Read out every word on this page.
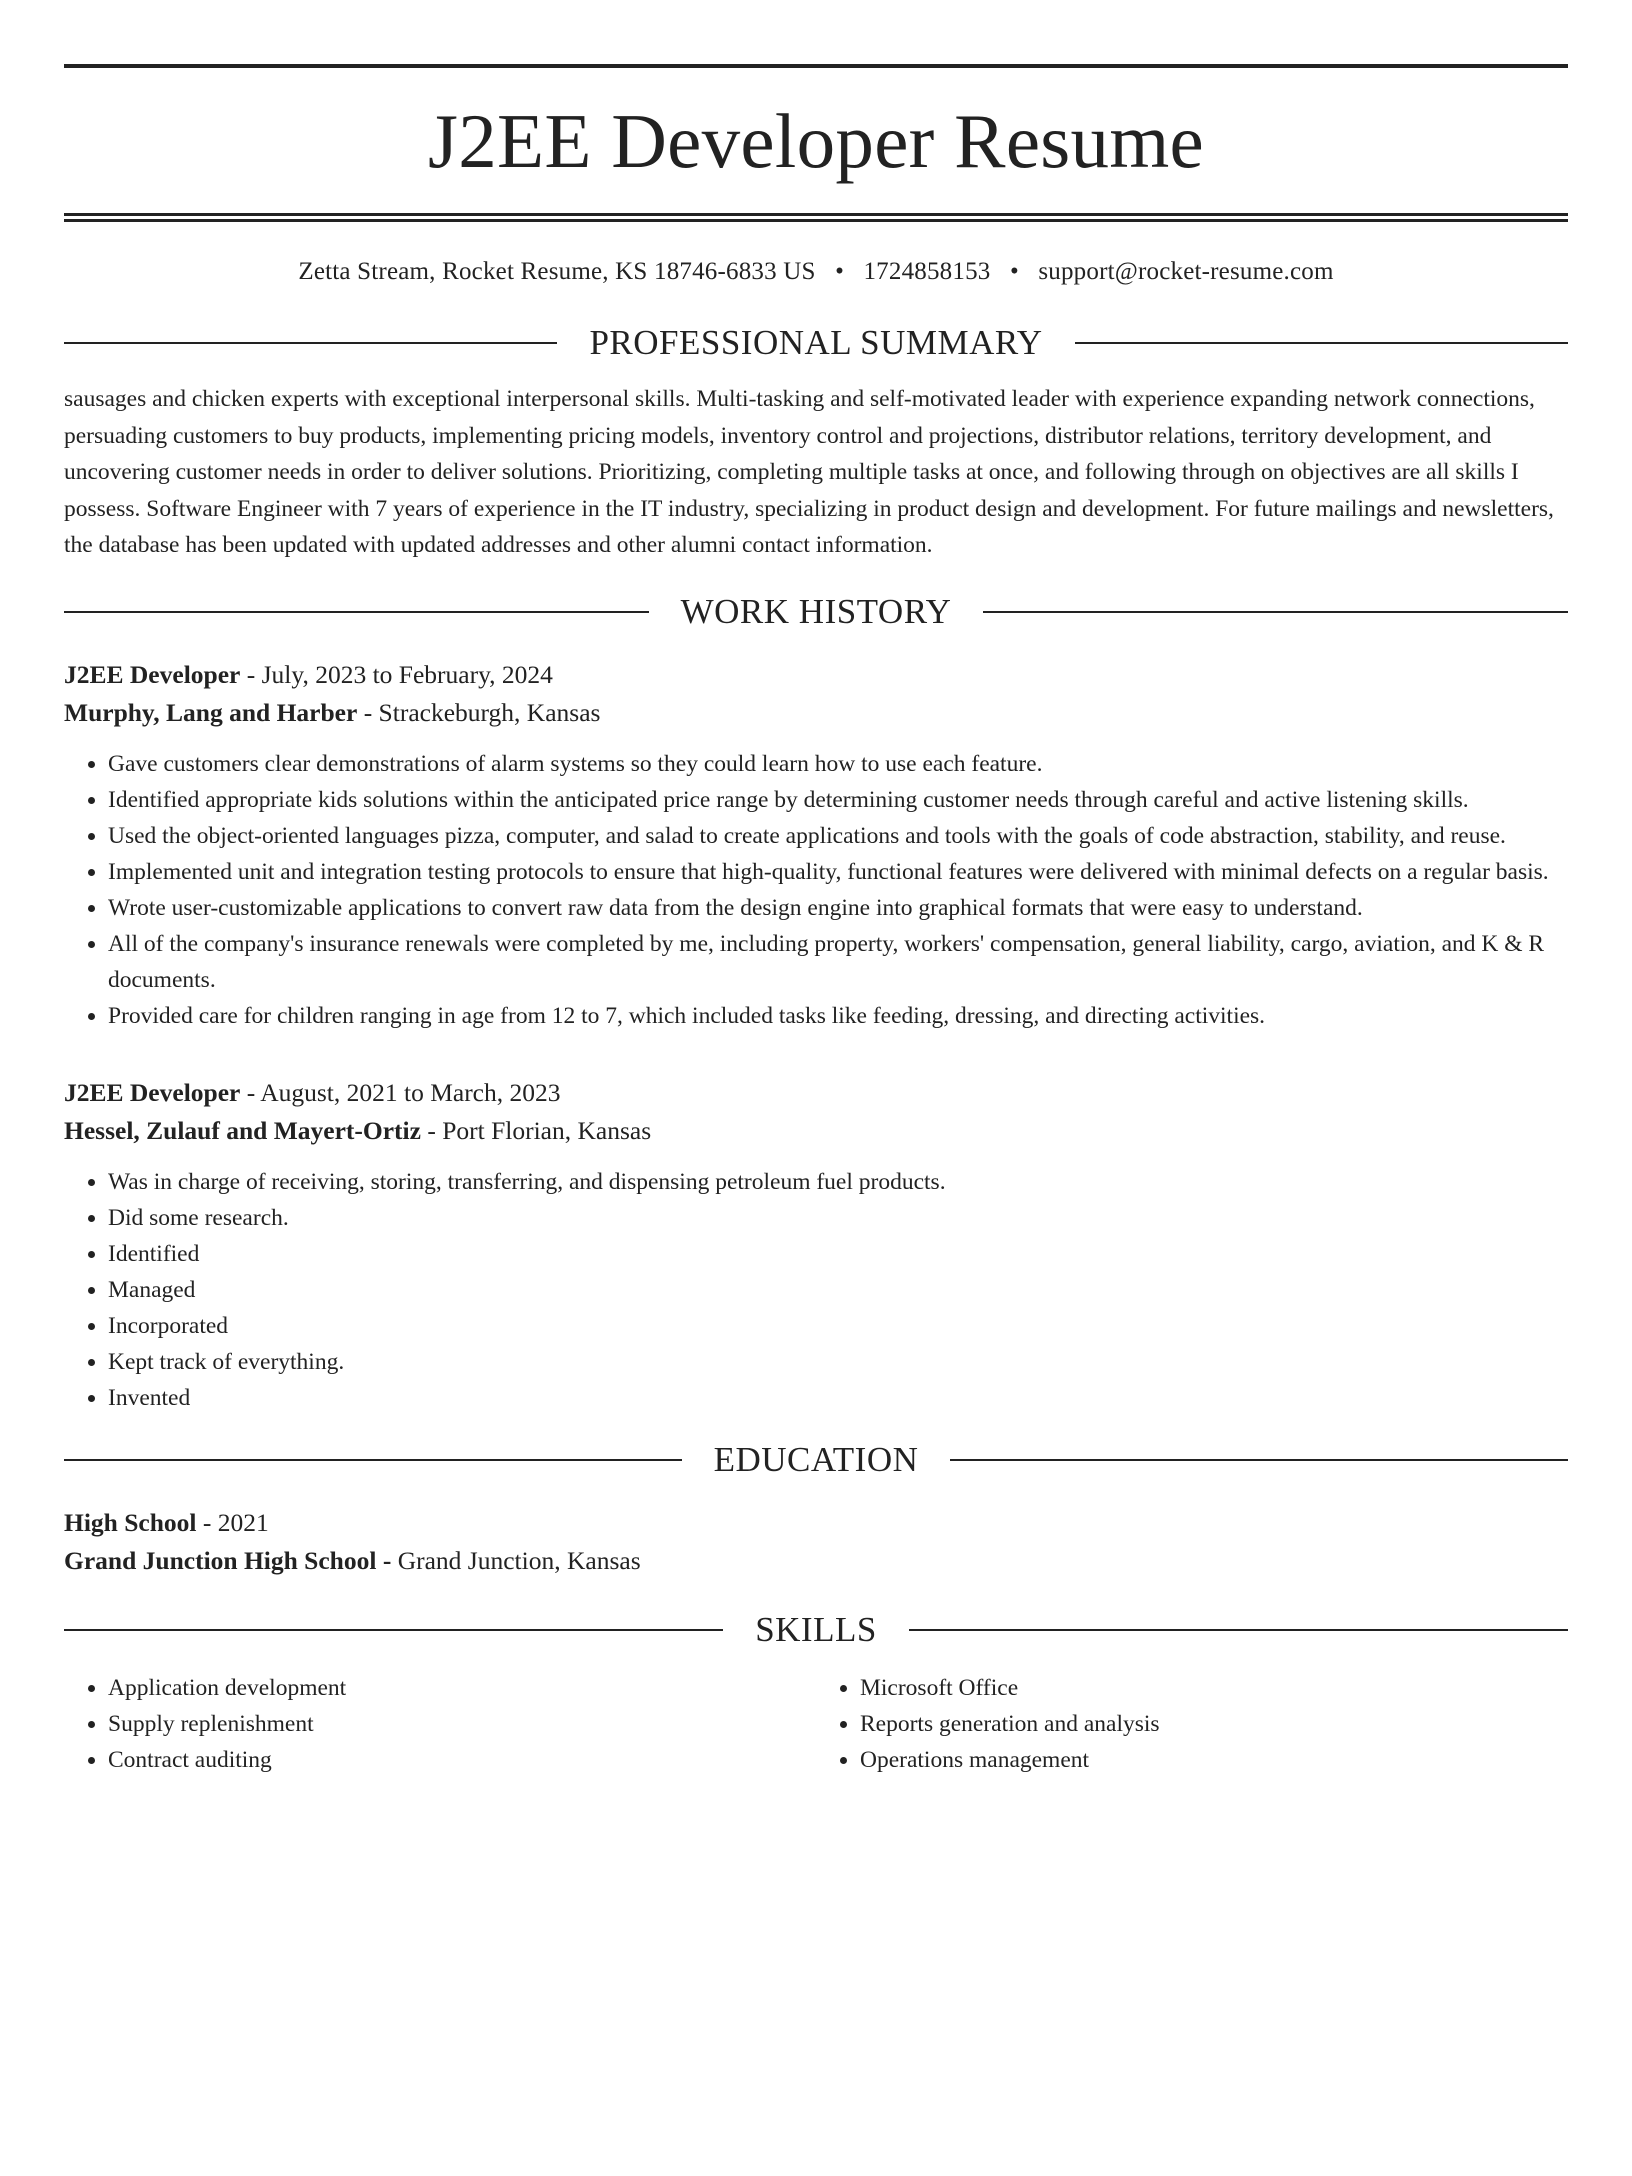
J2EE Developer Resume
Zetta Stream, Rocket Resume, KS 18746-6833 US • 1724858153 • support@rocket-resume.com
PROFESSIONAL SUMMARY

sausages and chicken experts with exceptional interpersonal skills. Multi-tasking and self-motivated leader with experience expanding network connections, persuading customers to buy products, implementing pricing models, inventory control and projections, distributor relations, territory development, and uncovering customer needs in order to deliver solutions. Prioritizing, completing multiple tasks at once, and following through on objectives are all skills I possess. Software Engineer with 7 years of experience in the IT industry, specializing in product design and development. For future mailings and newsletters, the database has been updated with updated addresses and other alumni contact information.

WORK HISTORY
J2EE Developer - July, 2023 to February, 2024
Murphy, Lang and Harber - Strackeburgh, Kansas
• Gave customers clear demonstrations of alarm systems so they could learn how to use each feature.
• Identified appropriate kids solutions within the anticipated price range by determining customer needs through careful and active listening skills.
• Used the object-oriented languages pizza, computer, and salad to create applications and tools with the goals of code abstraction, stability, and reuse.
• Implemented unit and integration testing protocols to ensure that high-quality, functional features were delivered with minimal defects on a regular basis.
• Wrote user-customizable applications to convert raw data from the design engine into graphical formats that were easy to understand.
• All of the company's insurance renewals were completed by me, including property, workers' compensation, general liability, cargo, aviation, and K & R documents.
• Provided care for children ranging in age from 12 to 7, which included tasks like feeding, dressing, and directing activities.
J2EE Developer - August, 2021 to March, 2023
Hessel, Zulauf and Mayert-Ortiz - Port Florian, Kansas
• Was in charge of receiving, storing, transferring, and dispensing petroleum fuel products.
• Did some research.
• Identified
• Managed
• Incorporated
• Kept track of everything.
• Invented
EDUCATION
High School - 2021
Grand Junction High School - Grand Junction, Kansas
SKILLS
• Application development
• Supply replenishment
• Contract auditing
• Microsoft Office
• Reports generation and analysis
• Operations management
